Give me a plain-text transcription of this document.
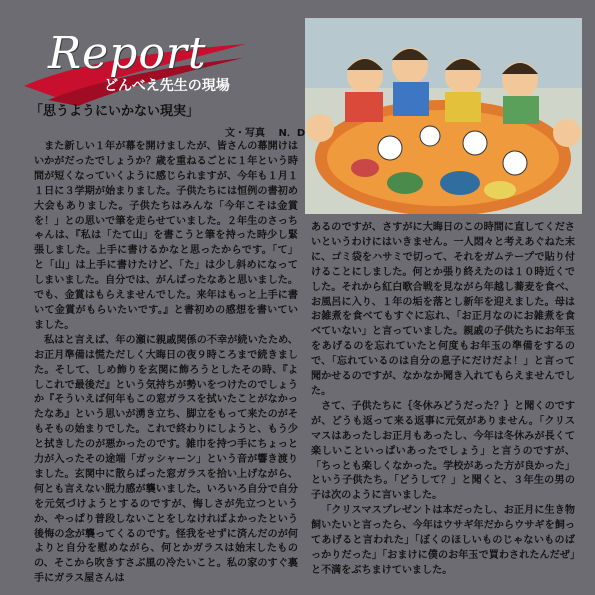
Report
どんべえ先生の現場
「思うようにいかない現実」
文・写真　 N．D

また新しい１年が幕を開けましたが、皆さんの幕開けはいかがだったでしょうか？歳を重ねるごとに１年という時間が短くなっていくように感じられますが、今年も１月１１日に３学期が始まりました。子供たちには恒例の書初め大会もありました。子供たちはみんな「今年こそは金賞を！」との思いで筆を走らせていました。２年生のさっちゃんは、『私は「たて山」を書こうと筆を持った時少し緊張しました。上手に書けるかなと思ったからです。「て」と「山」は上手に書けたけど、「た」は少し斜めになってしまいました。自分では、がんばったなあと思いました。でも、金賞はもらえませんでした。来年はもっと上手に書いて金賞がもらいたいです。』と書初めの感想を書いていました。

私はと言えば、年の瀬に親戚関係の不幸が続いたため、お正月準備は慌ただしく大晦日の夜９時ころまで続きました。そして、しめ飾りを玄関に飾ろうとしたその時、『よしこれで最後だ』という気持ちが勢いをつけたのでしょうか『そういえば何年もこの窓ガラスを拭いたことがなかったなあ』という思いが湧き立ち、脚立をもって来たのがそもそもの始まりでした。これで終わりにしようと、もう少と拭きしたのが悪かったのです。雑巾を持つ手にちょっと力が入ったその途端「ガッシャーン」という音が響き渡りました。玄関中に散らばった窓ガラスを拾い上げながら、何とも言えない脱力感が襲いました。いろいろ自分で自分を元気づけようとするのですが、悔しさが先立つというか、やっぱり普段しないことをしなければよかったという後悔の念が襲ってくるのです。怪我をせずに済んだのが何よりと自分を慰めながら、何とかガラスは始末したものの、そこから吹きすさぶ風の冷たいこと。私の家のすぐ裏手にガラス屋さんは

あるのですが、さすがに大晦日のこの時間に直してくださいというわけにはいきません。一人悶々と考えあぐねた末に、ゴミ袋をハサミで切って、それをガムテープで貼り付けることにしました。何とか張り終えたのは１０時近くでした。それから紅白歌合戦を見ながら年越し蕎麦を食べ、お風呂に入り、１年の垢を落とし新年を迎えました。母はお雑煮を食べてもすぐに忘れ、「お正月なのにお雑煮を食べていない」と言っていました。親戚の子供たちにお年玉をあげるのを忘れていたと何度もお年玉の準備をするので、「忘れているのは自分の息子にだけだよ！」と言って聞かせるのですが、なかなか聞き入れてもらえませんでした。

さて、子供たちに｛冬休みどうだった？｝と聞くのですが、どうも返って来る返事に元気がありません。「クリスマスはあったしお正月もあったし、今年は冬休みが長くて楽しいこといっぱいあったでしょう」と言うのですが、「ちっとも楽しくなかった。学校があった方が良かった」という子供たち。「どうして？」と聞くと、３年生の男の子は次のように言いました。

「クリスマスプレゼントは本だったし、お正月に生き物飼いたいと言ったら、今年はウサギ年だからウサギを飼ってあげると言われた」「ぼくのほしいものじゃないものばっかりだった」「おまけに僕のお年玉で買わされたんだぜ」と不満をぶちまけていました。
